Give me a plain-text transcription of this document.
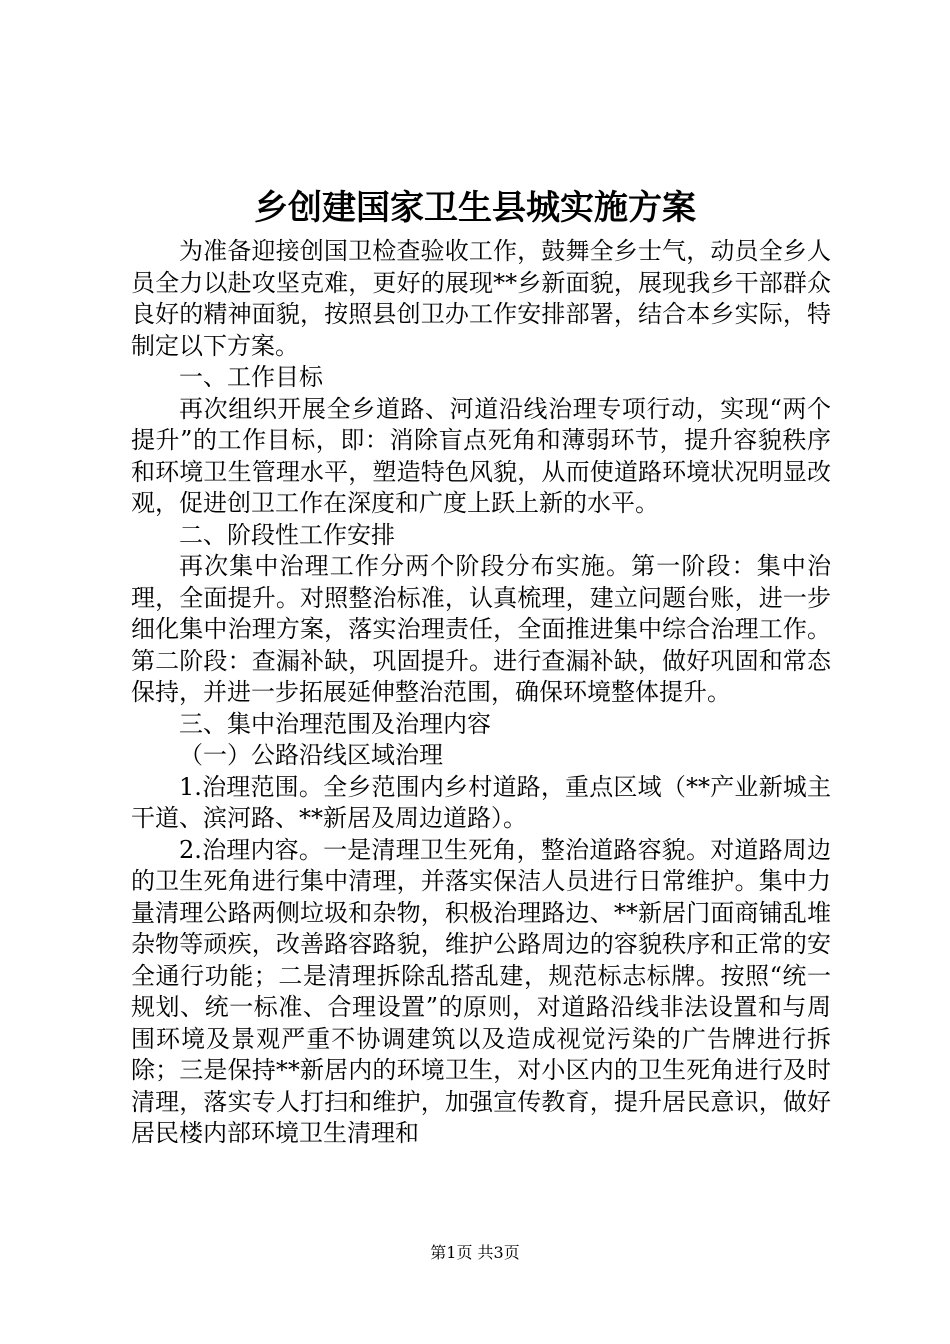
乡创建国家卫生县城实施方案

为准备迎接创国卫检查验收工作，鼓舞全乡士气，动员全乡人员全力以赴攻坚克难，更好的展现**乡新面貌，展现我乡干部群众良好的精神面貌，按照县创卫办工作安排部署，结合本乡实际，特制定以下方案。

一、工作目标

再次组织开展全乡道路、河道沿线治理专项行动，实现“两个提升”的工作目标，即：消除盲点死角和薄弱环节，提升容貌秩序和环境卫生管理水平，塑造特色风貌，从而使道路环境状况明显改观，促进创卫工作在深度和广度上跃上新的水平。

二、阶段性工作安排

再次集中治理工作分两个阶段分布实施。第一阶段：集中治理，全面提升。对照整治标准，认真梳理，建立问题台账，进一步细化集中治理方案，落实治理责任，全面推进集中综合治理工作。第二阶段：查漏补缺，巩固提升。进行查漏补缺，做好巩固和常态保持，并进一步拓展延伸整治范围，确保环境整体提升。

三、集中治理范围及治理内容

（一）公路沿线区域治理

1.治理范围。全乡范围内乡村道路，重点区域（**产业新城主干道、滨河路、**新居及周边道路）。

2.治理内容。一是清理卫生死角，整治道路容貌。对道路周边的卫生死角进行集中清理，并落实保洁人员进行日常维护。集中力量清理公路两侧垃圾和杂物，积极治理路边、**新居门面商铺乱堆杂物等顽疾，改善路容路貌，维护公路周边的容貌秩序和正常的安全通行功能；二是清理拆除乱搭乱建，规范标志标牌。按照“统一规划、统一标准、合理设置”的原则，对道路沿线非法设置和与周围环境及景观严重不协调建筑以及造成视觉污染的广告牌进行拆除；三是保持**新居内的环境卫生，对小区内的卫生死角进行及时清理，落实专人打扫和维护，加强宣传教育，提升居民意识，做好居民楼内部环境卫生清理和

第1页 共3页
